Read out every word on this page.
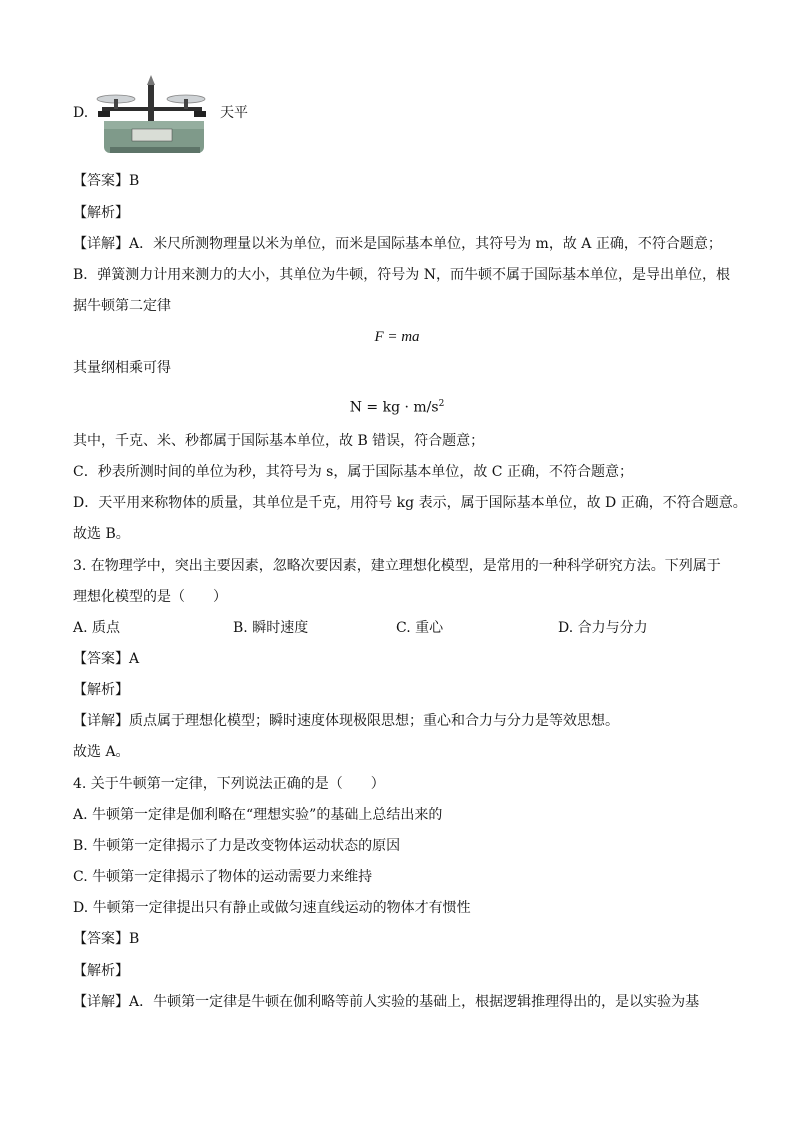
D.	天平
【答案】B
【解析】
【详解】A．米尺所测物理量以米为单位，而米是国际基本单位，其符号为 m，故 A 正确，不符合题意；
B．弹簧测力计用来测力的大小，其单位为牛顿，符号为 N，而牛顿不属于国际基本单位，是导出单位，根
据牛顿第二定律
F = ma
其量纲相乘可得
N = kg · $m/s^2$
其中，千克、米、秒都属于国际基本单位，故 B 错误，符合题意；
C．秒表所测时间的单位为秒，其符号为 s，属于国际基本单位，故 C 正确，不符合题意；
D．天平用来称物体的质量，其单位是千克，用符号 kg 表示，属于国际基本单位，故 D 正确，不符合题意。
故选 B。
3. 在物理学中，突出主要因素，忽略次要因素，建立理想化模型，是常用的一种科学研究方法。下列属于
理想化模型的是（　　）
A. 质点	B. 瞬时速度	C. 重心	D. 合力与分力
【答案】A
【解析】
【详解】质点属于理想化模型；瞬时速度体现极限思想；重心和合力与分力是等效思想。
故选 A。
4. 关于牛顿第一定律，下列说法正确的是（　　）
A. 牛顿第一定律是伽利略在“理想实验”的基础上总结出来的
B. 牛顿第一定律揭示了力是改变物体运动状态的原因
C. 牛顿第一定律揭示了物体的运动需要力来维持
D. 牛顿第一定律提出只有静止或做匀速直线运动的物体才有惯性
【答案】B
【解析】
【详解】A．牛顿第一定律是牛顿在伽利略等前人实验的基础上，根据逻辑推理得出的，是以实验为基
